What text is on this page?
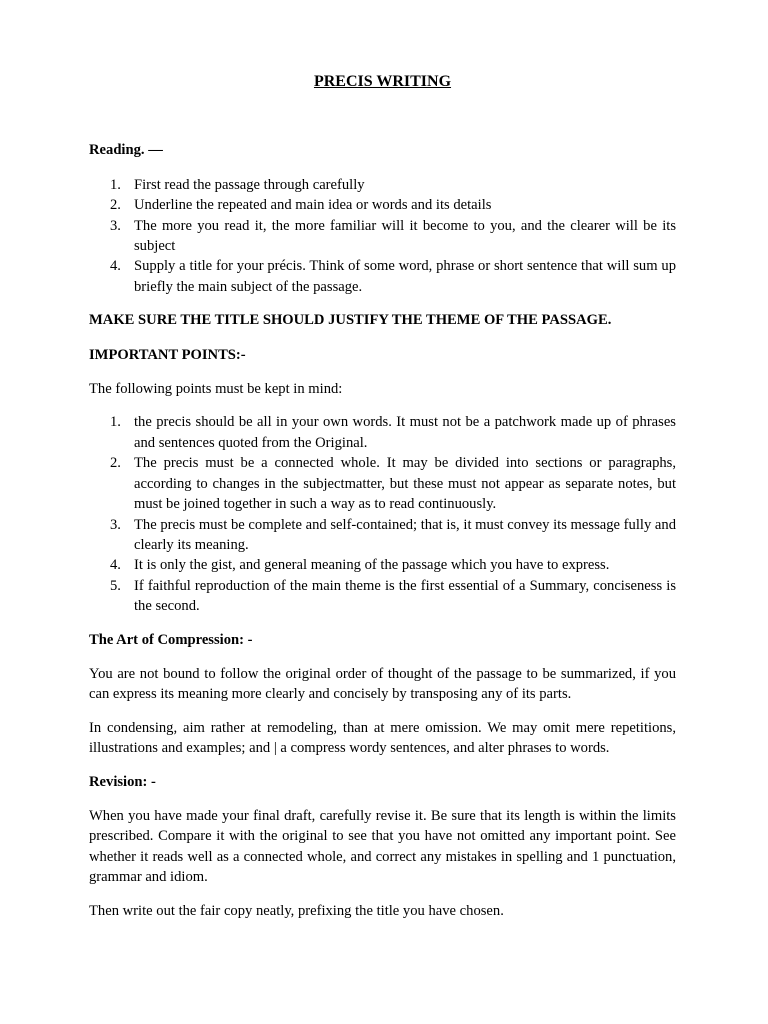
PRECIS WRITING
Reading. —
1. First read the passage through carefully
2. Underline the repeated and main idea or words and its details
3. The more you read it, the more familiar will it become to you, and the clearer will be its subject
4. Supply a title for your précis. Think of some word, phrase or short sentence that will sum up briefly the main subject of the passage.
MAKE SURE THE TITLE SHOULD JUSTIFY THE THEME OF THE PASSAGE.
IMPORTANT POINTS:-

The following points must be kept in mind:

1. the precis should be all in your own words. It must not be a patchwork made up of phrases and sentences quoted from the Original.
2. The precis must be a connected whole. It may be divided into sections or paragraphs, according to changes in the subjectmatter, but these must not appear as separate notes, but must be joined together in such a way as to read continuously.
3. The precis must be complete and self-contained; that is, it must convey its message fully and clearly its meaning.
4. It is only the gist, and general meaning of the passage which you have to express.
5. If faithful reproduction of the main theme is the first essential of a Summary, conciseness is the second.
The Art of Compression: -

You are not bound to follow the original order of thought of the passage to be summarized, if you can express its meaning more clearly and concisely by transposing any of its parts.

In condensing, aim rather at remodeling, than at mere omission. We may omit mere repetitions, illustrations and examples; and | a compress wordy sentences, and alter phrases to words.

Revision: -

When you have made your final draft, carefully revise it. Be sure that its length is within the limits prescribed. Compare it with the original to see that you have not omitted any important point. See whether it reads well as a connected whole, and correct any mistakes in spelling and 1 punctuation, grammar and idiom.

Then write out the fair copy neatly, prefixing the title you have chosen.
